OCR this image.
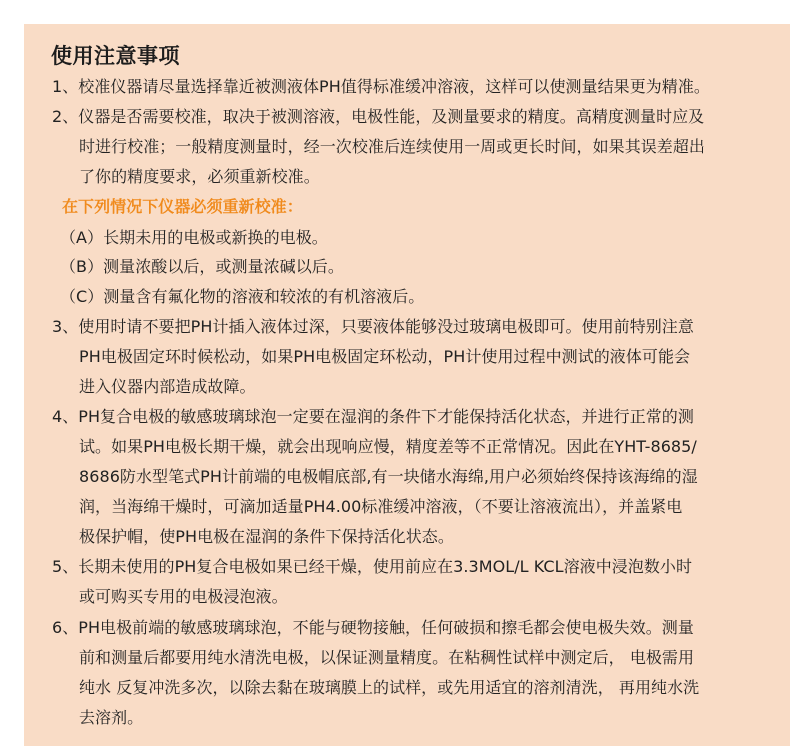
使用注意事项
1、校准仪器请尽量选择靠近被测液体PH值得标准缓冲溶液，这样可以使测量结果更为精准。
2、仪器是否需要校准，取决于被测溶液，电极性能，及测量要求的精度。高精度测量时应及
时进行校准；一般精度测量时，经一次校准后连续使用一周或更长时间，如果其误差超出
了你的精度要求，必须重新校准。
在下列情况下仪器必须重新校准：
（A）长期未用的电极或新换的电极。
（B）测量浓酸以后，或测量浓碱以后。
（C）测量含有氟化物的溶液和较浓的有机溶液后。
3、使用时请不要把PH计插入液体过深，只要液体能够没过玻璃电极即可。使用前特别注意
PH电极固定环时候松动，如果PH电极固定环松动，PH计使用过程中测试的液体可能会
进入仪器内部造成故障。
4、PH复合电极的敏感玻璃球泡一定要在湿润的条件下才能保持活化状态，并进行正常的测
试。如果PH电极长期干燥，就会出现响应慢，精度差等不正常情况。因此在YHT-8685/
8686防水型笔式PH计前端的电极帽底部,有一块储水海绵,用户必须始终保持该海绵的湿
润，当海绵干燥时，可滴加适量PH4.00标准缓冲溶液，（不要让溶液流出），并盖紧电
极保护帽，使PH电极在湿润的条件下保持活化状态。
5、长期未使用的PH复合电极如果已经干燥，使用前应在3.3MOL/L KCL溶液中浸泡数小时
或可购买专用的电极浸泡液。
6、PH电极前端的敏感玻璃球泡，不能与硬物接触，任何破损和擦毛都会使电极失效。测量
前和测量后都要用纯水清洗电极，以保证测量精度。在粘稠性试样中测定后， 电极需用
纯水 反复冲洗多次，以除去黏在玻璃膜上的试样，或先用适宜的溶剂清洗， 再用纯水洗
去溶剂。
